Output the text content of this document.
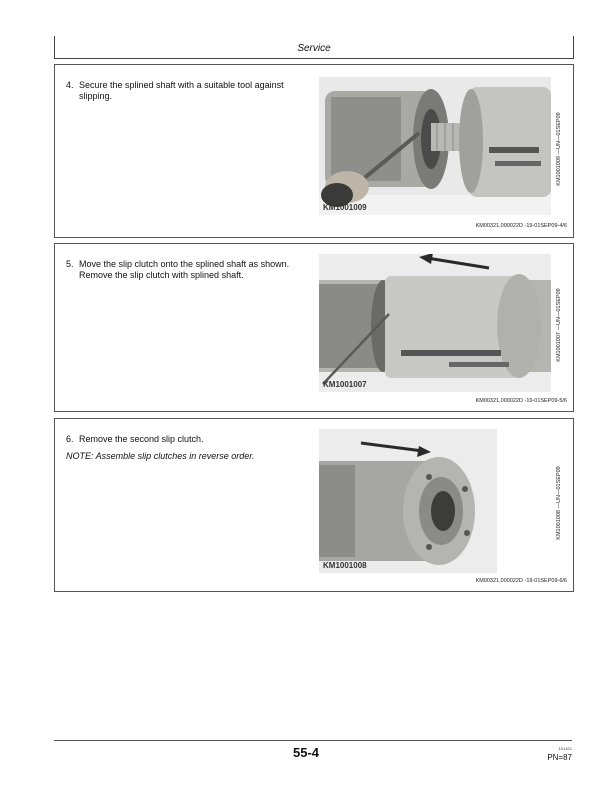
Service
4. Secure the splined shaft with a suitable tool against slipping.
KM1001009
KM1001009 —UN—01SEP09
KM00321,000022D -19-01SEP09-4/6
5. Move the slip clutch onto the splined shaft as shown. Remove the slip clutch with splined shaft.
KM1001007
KM1001007 —UN—01SEP09
KM00321,000022D -19-01SEP09-5/6
6. Remove the second slip clutch.
NOTE: Assemble slip clutches in reverse order.
KM1001008
KM1001008 —UN—01SEP09
KM00321,000022D -19-01SEP09-6/6
55-4	101421
PN=87
